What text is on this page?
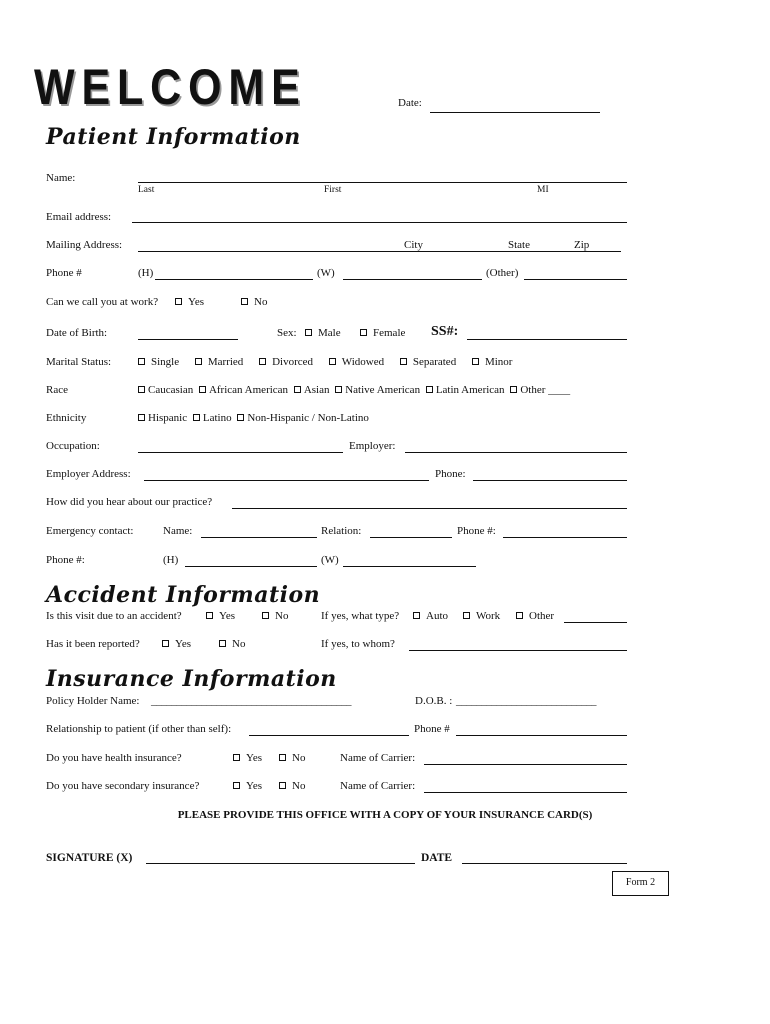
WELCOME	Date:
Patient Information
Name:
Last	First	MI
Email address:
Mailing Address:	City	State	Zip
Phone #	(H)	(W)	(Other)
Can we call you at work?	Yes	No
Date of Birth:	Sex:	Male	Female SS#:
Marital Status:	Single	Married	Divorced	Widowed	Separated	Minor
Race	Caucasian African American Asian Native American Latin American Other ____
Ethnicity	Hispanic Latino Non-Hispanic / Non-Latino
Occupation:	Employer:
Employer Address:	Phone:
How did you hear about our practice?
Emergency contact:	Name:	Relation:	Phone #:
Phone #:	(H)	(W)
Accident Information
Is this visit due to an accident?	Yes	No	If yes, what type?	Auto	Work	Other
Has it been reported?	Yes	No	If yes, to whom?
Insurance Information
Policy Holder Name: ________________________________________	D.O.B. : ____________________________
Relationship to patient (if other than self):	Phone #
Do you have health insurance?	Yes	No	Name of Carrier:
Do you have secondary insurance?	Yes	No	Name of Carrier:
PLEASE PROVIDE THIS OFFICE WITH A COPY OF YOUR INSURANCE CARD(S)
SIGNATURE (X)	DATE
Form 2
